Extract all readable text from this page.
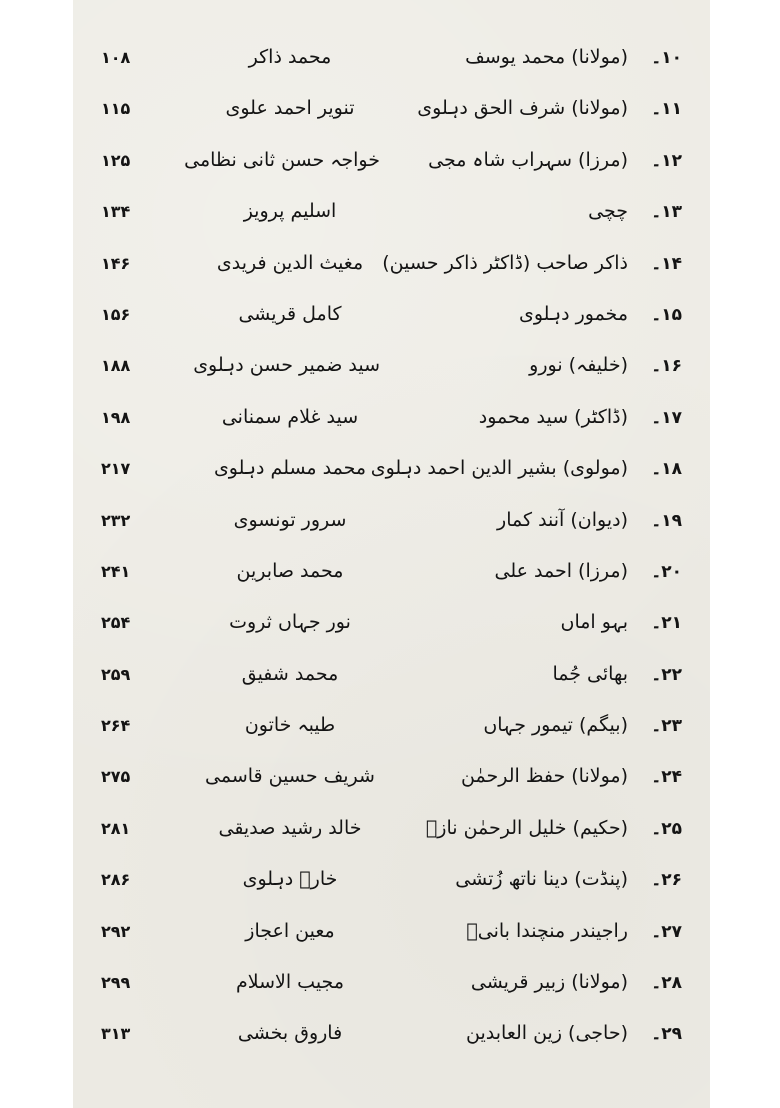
۱۰۔
(مولانا) محمد یوسف
محمد ذاکر
۱۰۸
۱۱۔
(مولانا) شرف الحق دہلوی
تنویر احمد علوی
۱۱۵
۱۲۔
(مرزا) سہراب شاہ مجی
خواجہ حسن ثانی نظامی
۱۲۵
۱۳۔
چچی
اسلیم پرویز
۱۳۴
۱۴۔
ذاکر صاحب (ڈاکٹر ذاکر حسین)
مغیث الدین فریدی
۱۴۶
۱۵۔
مخمور دہلوی
کامل قریشی
۱۵۶
۱۶۔
(خلیفہ) نورو
سید ضمیر حسن دہلوی
۱۸۸
۱۷۔
(ڈاکٹر) سید محمود
سید غلام سمنانی
۱۹۸
۱۸۔
(مولوی) بشیر الدین احمد دہلوی
محمد مسلم دہلوی
۲۱۷
۱۹۔
(دیوان) آنند کمار
سرور تونسوی
۲۳۲
۲۰۔
(مرزا) احمد علی
محمد صابرین
۲۴۱
۲۱۔
بہو اماں
نور جہاں ثروت
۲۵۴
۲۲۔
بھائی جُما
محمد شفیق
۲۵۹
۲۳۔
(بیگم) تیمور جہاں
طیبہ خاتون
۲۶۴
۲۴۔
(مولانا) حفظ الرحمٰن
شریف حسین قاسمی
۲۷۵
۲۵۔
(حکیم) خلیل الرحمٰن نازؔ
خالد رشید صدیقی
۲۸۱
۲۶۔
(پنڈت) دینا ناتھ زُتشی
خارؔ دہلوی
۲۸۶
۲۷۔
راجیندر منچندا بانیؔ
معین اعجاز
۲۹۲
۲۸۔
(مولانا) زبیر قریشی
مجیب الاسلام
۲۹۹
۲۹۔
(حاجی) زین العابدین
فاروق بخشی
۳۱۳
